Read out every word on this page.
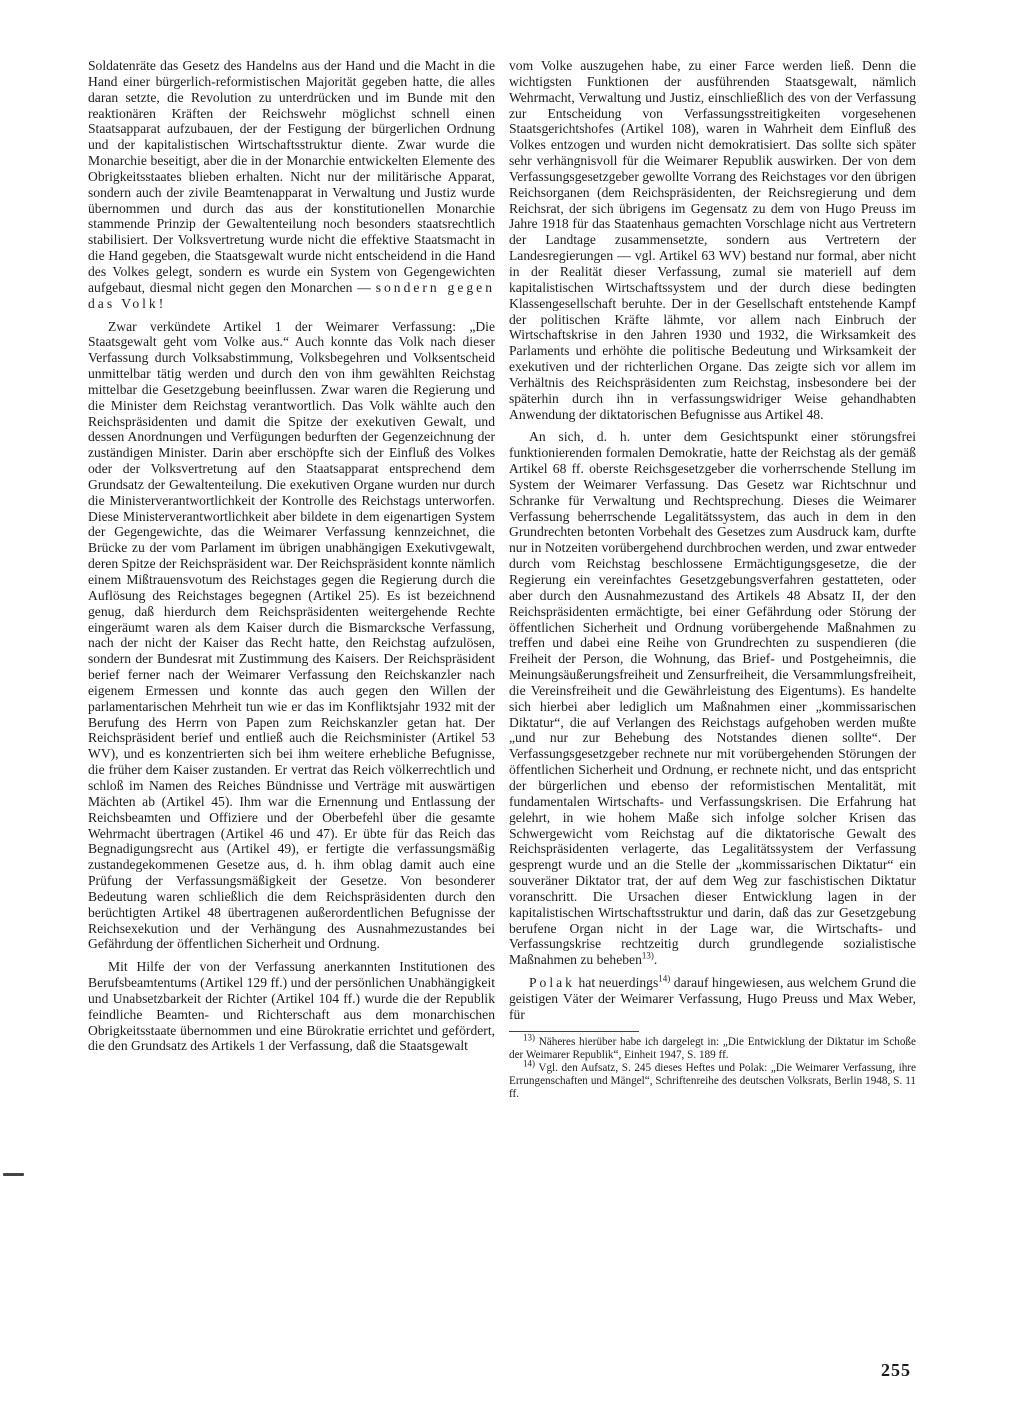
Soldatenräte das Gesetz des Handelns aus der Hand und die Macht in die Hand einer bürgerlich-reformistischen Majorität gegeben hatte, die alles daran setzte, die Revolution zu unterdrücken und im Bunde mit den reaktionären Kräften der Reichswehr möglichst schnell einen Staatsapparat aufzubauen, der der Festigung der bürgerlichen Ordnung und der kapitalistischen Wirtschaftsstruktur diente. Zwar wurde die Monarchie beseitigt, aber die in der Monarchie entwickelten Elemente des Obrigkeitsstaates blieben erhalten. Nicht nur der militärische Apparat, sondern auch der zivile Beamtenapparat in Verwaltung und Justiz wurde übernommen und durch das aus der konstitutionellen Monarchie stammende Prinzip der Gewaltenteilung noch besonders staatsrechtlich stabilisiert. Der Volksvertretung wurde nicht die effektive Staatsmacht in die Hand gegeben, die Staatsgewalt wurde nicht entscheidend in die Hand des Volkes gelegt, sondern es wurde ein System von Gegengewichten aufgebaut, diesmal nicht gegen den Monarchen — sondern gegen das Volk!

Zwar verkündete Artikel 1 der Weimarer Verfassung: „Die Staatsgewalt geht vom Volke aus.“ Auch konnte das Volk nach dieser Verfassung durch Volksabstimmung, Volksbegehren und Volksentscheid unmittelbar tätig werden und durch den von ihm gewählten Reichstag mittelbar die Gesetzgebung beeinflussen. Zwar waren die Regierung und die Minister dem Reichstag verantwortlich. Das Volk wählte auch den Reichspräsidenten und damit die Spitze der exekutiven Gewalt, und dessen Anordnungen und Verfügungen bedurften der Gegenzeichnung der zuständigen Minister. Darin aber erschöpfte sich der Einfluß des Volkes oder der Volksvertretung auf den Staatsapparat entsprechend dem Grundsatz der Gewaltenteilung. Die exekutiven Organe wurden nur durch die Ministerverantwortlichkeit der Kontrolle des Reichstags unterworfen. Diese Ministerverantwortlichkeit aber bildete in dem eigenartigen System der Gegengewichte, das die Weimarer Verfassung kennzeichnet, die Brücke zu der vom Parlament im übrigen unabhängigen Exekutivgewalt, deren Spitze der Reichspräsident war. Der Reichspräsident konnte nämlich einem Mißtrauensvotum des Reichstages gegen die Regierung durch die Auflösung des Reichstages begegnen (Artikel 25). Es ist bezeichnend genug, daß hierdurch dem Reichspräsidenten weitergehende Rechte eingeräumt waren als dem Kaiser durch die Bismarcksche Verfassung, nach der nicht der Kaiser das Recht hatte, den Reichstag aufzulösen, sondern der Bundesrat mit Zustimmung des Kaisers. Der Reichspräsident berief ferner nach der Weimarer Verfassung den Reichskanzler nach eigenem Ermessen und konnte das auch gegen den Willen der parlamentarischen Mehrheit tun wie er das im Konfliktsjahr 1932 mit der Berufung des Herrn von Papen zum Reichskanzler getan hat. Der Reichspräsident berief und entließ auch die Reichsminister (Artikel 53 WV), und es konzentrierten sich bei ihm weitere erhebliche Befugnisse, die früher dem Kaiser zustanden. Er vertrat das Reich völkerrechtlich und schloß im Namen des Reiches Bündnisse und Verträge mit auswärtigen Mächten ab (Artikel 45). Ihm war die Ernennung und Entlassung der Reichsbeamten und Offiziere und der Oberbefehl über die gesamte Wehrmacht übertragen (Artikel 46 und 47). Er übte für das Reich das Begnadigungsrecht aus (Artikel 49), er fertigte die verfassungsmäßig zustandegekommenen Gesetze aus, d. h. ihm oblag damit auch eine Prüfung der Verfassungsmäßigkeit der Gesetze. Von besonderer Bedeutung waren schließlich die dem Reichspräsidenten durch den berüchtigten Artikel 48 übertragenen außerordentlichen Befugnisse der Reichsexekution und der Verhängung des Ausnahmezustandes bei Gefährdung der öffentlichen Sicherheit und Ordnung.

Mit Hilfe der von der Verfassung anerkannten Institutionen des Berufsbeamtentums (Artikel 129 ff.) und der persönlichen Unabhängigkeit und Unabsetzbarkeit der Richter (Artikel 104 ff.) wurde die der Republik feindliche Beamten- und Richterschaft aus dem monarchischen Obrigkeitsstaate übernommen und eine Bürokratie errichtet und gefördert, die den Grundsatz des Artikels 1 der Verfassung, daß die Staatsgewalt

vom Volke auszugehen habe, zu einer Farce werden ließ. Denn die wichtigsten Funktionen der ausführenden Staatsgewalt, nämlich Wehrmacht, Verwaltung und Justiz, einschließlich des von der Verfassung zur Entscheidung von Verfassungsstreitigkeiten vorgesehenen Staatsgerichtshofes (Artikel 108), waren in Wahrheit dem Einfluß des Volkes entzogen und wurden nicht demokratisiert. Das sollte sich später sehr verhängnisvoll für die Weimarer Republik auswirken. Der von dem Verfassungsgesetzgeber gewollte Vorrang des Reichstages vor den übrigen Reichsorganen (dem Reichspräsidenten, der Reichsregierung und dem Reichsrat, der sich übrigens im Gegensatz zu dem von Hugo Preuss im Jahre 1918 für das Staatenhaus gemachten Vorschlage nicht aus Vertretern der Landtage zusammensetzte, sondern aus Vertretern der Landesregierungen — vgl. Artikel 63 WV) bestand nur formal, aber nicht in der Realität dieser Verfassung, zumal sie materiell auf dem kapitalistischen Wirtschaftssystem und der durch diese bedingten Klassengesellschaft beruhte. Der in der Gesellschaft entstehende Kampf der politischen Kräfte lähmte, vor allem nach Einbruch der Wirtschaftskrise in den Jahren 1930 und 1932, die Wirksamkeit des Parlaments und erhöhte die politische Bedeutung und Wirksamkeit der exekutiven und der richterlichen Organe. Das zeigte sich vor allem im Verhältnis des Reichspräsidenten zum Reichstag, insbesondere bei der späterhin durch ihn in verfassungswidriger Weise gehandhabten Anwendung der diktatorischen Befugnisse aus Artikel 48.

An sich, d. h. unter dem Gesichtspunkt einer störungsfrei funktionierenden formalen Demokratie, hatte der Reichstag als der gemäß Artikel 68 ff. oberste Reichsgesetzgeber die vorherrschende Stellung im System der Weimarer Verfassung. Das Gesetz war Richtschnur und Schranke für Verwaltung und Rechtsprechung. Dieses die Weimarer Verfassung beherrschende Legalitätssystem, das auch in dem in den Grundrechten betonten Vorbehalt des Gesetzes zum Ausdruck kam, durfte nur in Notzeiten vorübergehend durchbrochen werden, und zwar entweder durch vom Reichstag beschlossene Ermächtigungsgesetze, die der Regierung ein vereinfachtes Gesetzgebungsverfahren gestatteten, oder aber durch den Ausnahmezustand des Artikels 48 Absatz II, der den Reichspräsidenten ermächtigte, bei einer Gefährdung oder Störung der öffentlichen Sicherheit und Ordnung vorübergehende Maßnahmen zu treffen und dabei eine Reihe von Grundrechten zu suspendieren (die Freiheit der Person, die Wohnung, das Brief- und Postgeheimnis, die Meinungsäußerungsfreiheit und Zensurfreiheit, die Versammlungsfreiheit, die Vereinsfreiheit und die Gewährleistung des Eigentums). Es handelte sich hierbei aber lediglich um Maßnahmen einer „kommissarischen Diktatur“, die auf Verlangen des Reichstags aufgehoben werden mußte „und nur zur Behebung des Notstandes dienen sollte“. Der Verfassungsgesetzgeber rechnete nur mit vorübergehenden Störungen der öffentlichen Sicherheit und Ordnung, er rechnete nicht, und das entspricht der bürgerlichen und ebenso der reformistischen Mentalität, mit fundamentalen Wirtschafts- und Verfassungskrisen. Die Erfahrung hat gelehrt, in wie hohem Maße sich infolge solcher Krisen das Schwergewicht vom Reichstag auf die diktatorische Gewalt des Reichspräsidenten verlagerte, das Legalitätssystem der Verfassung gesprengt wurde und an die Stelle der „kommissarischen Diktatur“ ein souveräner Diktator trat, der auf dem Weg zur faschistischen Diktatur voranschritt. Die Ursachen dieser Entwicklung lagen in der kapitalistischen Wirtschaftsstruktur und darin, daß das zur Gesetzgebung berufene Organ nicht in der Lage war, die Wirtschafts- und Verfassungskrise rechtzeitig durch grundlegende sozialistische Maßnahmen zu beheben$^{13)}$.

Polak hat neuerdings$^{14)}$ darauf hingewiesen, aus welchem Grund die geistigen Väter der Weimarer Verfassung, Hugo Preuss und Max Weber, für

$^{13)}$ Näheres hierüber habe ich dargelegt in: „Die Entwicklung der Diktatur im Schoße der Weimarer Republik“, Einheit 1947, S. 189 ff.

$^{14)}$ Vgl. den Aufsatz, S. 245 dieses Heftes und Polak: „Die Weimarer Verfassung, ihre Errungenschaften und Mängel“, Schriftenreihe des deutschen Volksrats, Berlin 1948, S. 11 ff.

255
